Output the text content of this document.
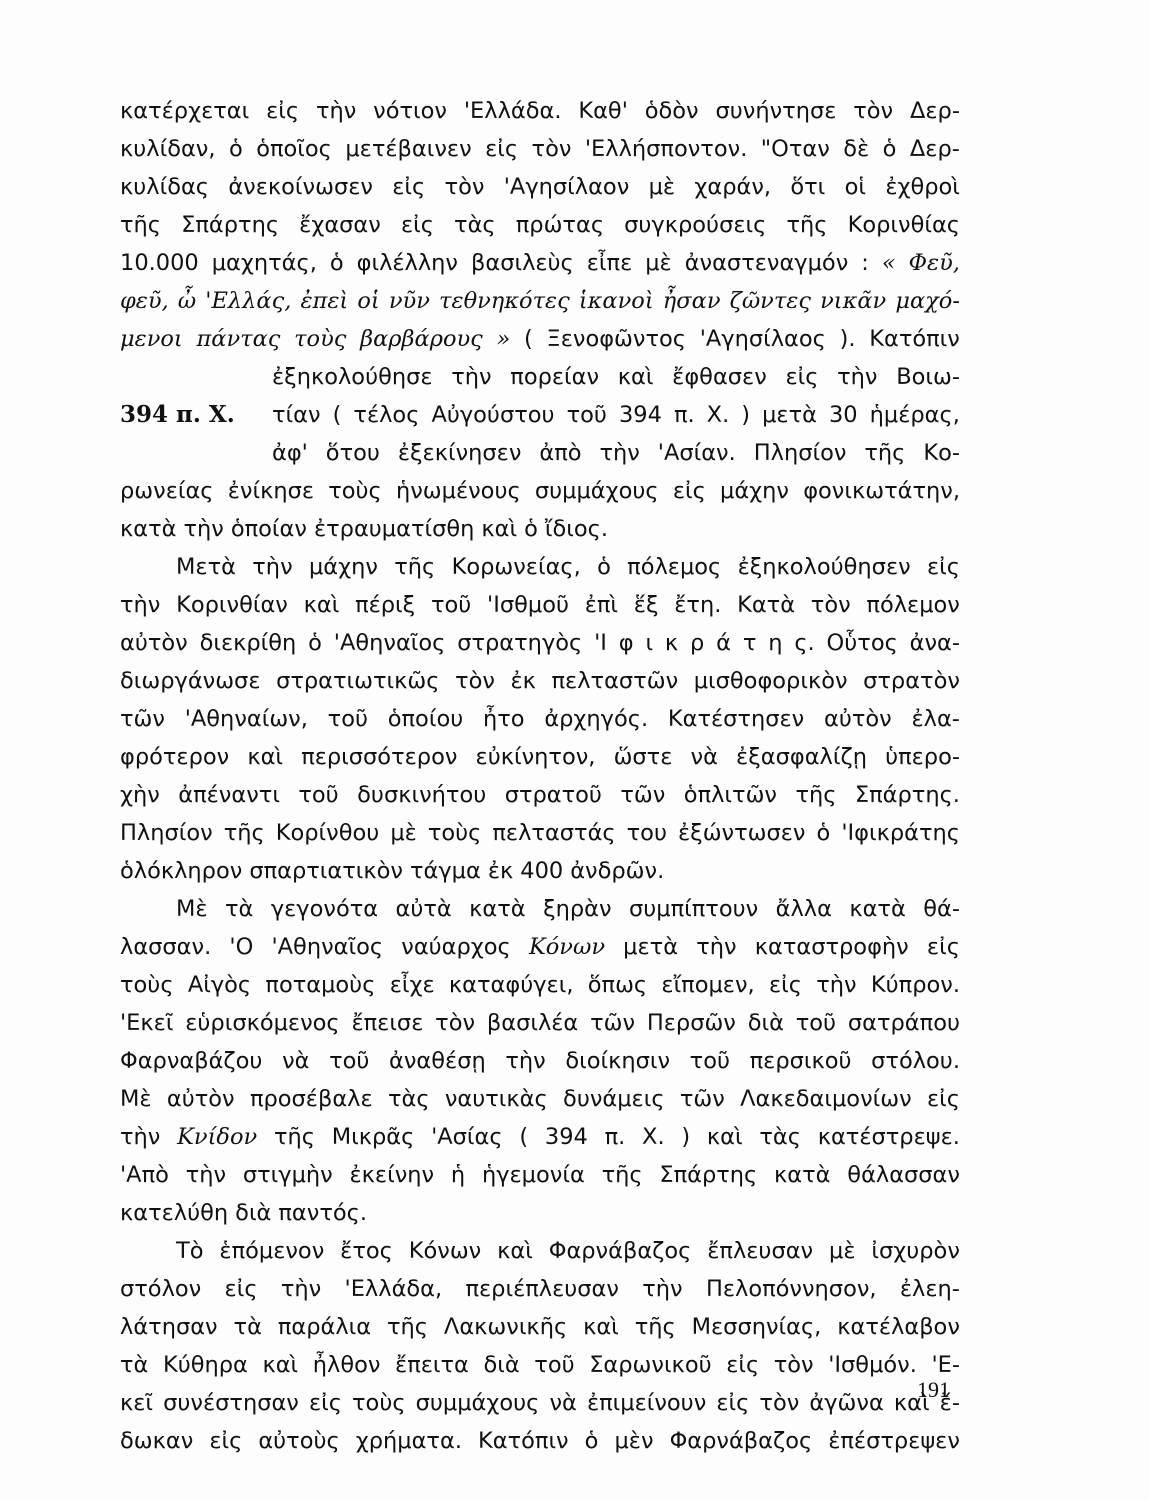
κατέρχεται εἰς τὴν νότιον 'Ελλάδα. Καθ' ὁδὸν συνήντησε τὸν Δερ-
κυλίδαν, ὁ ὁποῖος μετέβαινεν εἰς τὸν 'Ελλήσποντον. "Οταν δὲ ὁ Δερ-
κυλίδας ἀνεκοίνωσεν εἰς τὸν 'Αγησίλαον μὲ χαράν, ὅτι οἱ ἐχθροὶ
τῆς Σπάρτης ἔχασαν εἰς τὰς πρώτας συγκρούσεις τῆς Κορινθίας
10.000 μαχητάς, ὁ φιλέλλην βασιλεὺς εἶπε μὲ ἀναστεναγμόν : « Φεῦ,
φεῦ, ὦ 'Ελλάς, ἐπεὶ οἱ νῦν τεθνηκότες ἱκανοὶ ἦσαν ζῶντες νικᾶν μαχό-
μενοι πάντας τοὺς βαρβάρους » ( Ξενοφῶντος 'Αγησίλαος ). Κατόπιν
ἐξηκολούθησε τὴν πορείαν καὶ ἔφθασεν εἰς τὴν Βοιω-
394 π. Χ.	τίαν ( τέλος Αὐγούστου τοῦ 394 π. Χ. ) μετὰ 30 ἡμέρας,
ἀφ' ὅτου ἐξεκίνησεν ἀπὸ τὴν 'Ασίαν. Πλησίον τῆς Κο-
ρωνείας ἐνίκησε τοὺς ἡνωμένους συμμάχους εἰς μάχην φονικωτάτην,
κατὰ τὴν ὁποίαν ἐτραυματίσθη καὶ ὁ ἴδιος.
Μετὰ τὴν μάχην τῆς Κορωνείας, ὁ πόλεμος ἐξηκολούθησεν εἰς
τὴν Κορινθίαν καὶ πέριξ τοῦ 'Ισθμοῦ ἐπὶ ἕξ ἔτη. Κατὰ τὸν πόλεμον
αὐτὸν διεκρίθη ὁ 'Αθηναῖος στρατηγὸς 'Ι φ ι κ ρ ά τ η ς. Οὗτος ἀνα-
διωργάνωσε στρατιωτικῶς τὸν ἐκ πελταστῶν μισθοφορικὸν στρατὸν
τῶν 'Αθηναίων, τοῦ ὁποίου ἦτο ἀρχηγός. Κατέστησεν αὐτὸν ἐλα-
φρότερον καὶ περισσότερον εὐκίνητον, ὥστε νὰ ἐξασφαλίζῃ ὑπερο-
χὴν ἀπέναντι τοῦ δυσκινήτου στρατοῦ τῶν ὁπλιτῶν τῆς Σπάρτης.
Πλησίον τῆς Κορίνθου μὲ τοὺς πελταστάς του ἐξώντωσεν ὁ 'Ιφικράτης
ὁλόκληρον σπαρτιατικὸν τάγμα ἐκ 400 ἀνδρῶν.
Μὲ τὰ γεγονότα αὐτὰ κατὰ ξηρὰν συμπίπτουν ἄλλα κατὰ θά-
λασσαν. 'Ο 'Αθηναῖος ναύαρχος Κόνων μετὰ τὴν καταστροφὴν εἰς
τοὺς Αἰγὸς ποταμοὺς εἶχε καταφύγει, ὅπως εἴπομεν, εἰς τὴν Κύπρον.
'Εκεῖ εὑρισκόμενος ἔπεισε τὸν βασιλέα τῶν Περσῶν διὰ τοῦ σατράπου
Φαρναβάζου νὰ τοῦ ἀναθέσῃ τὴν διοίκησιν τοῦ περσικοῦ στόλου.
Μὲ αὐτὸν προσέβαλε τὰς ναυτικὰς δυνάμεις τῶν Λακεδαιμονίων εἰς
τὴν Κνίδον τῆς Μικρᾶς 'Ασίας ( 394 π. Χ. ) καὶ τὰς κατέστρεψε.
'Απὸ τὴν στιγμὴν ἐκείνην ἡ ἡγεμονία τῆς Σπάρτης κατὰ θάλασσαν
κατελύθη διὰ παντός.
Τὸ ἑπόμενον ἔτος Κόνων καὶ Φαρνάβαζος ἔπλευσαν μὲ ἰσχυρὸν
στόλον εἰς τὴν 'Ελλάδα, περιέπλευσαν τὴν Πελοπόννησον, ἐλεη-
λάτησαν τὰ παράλια τῆς Λακωνικῆς καὶ τῆς Μεσσηνίας, κατέλαβον
τὰ Κύθηρα καὶ ἦλθον ἔπειτα διὰ τοῦ Σαρωνικοῦ εἰς τὸν 'Ισθμόν. 'Ε-
κεῖ συνέστησαν εἰς τοὺς συμμάχους νὰ ἐπιμείνουν εἰς τὸν ἀγῶνα καὶ ἔ-
δωκαν εἰς αὐτοὺς χρήματα. Κατόπιν ὁ μὲν Φαρνάβαζος ἐπέστρεψεν
191
